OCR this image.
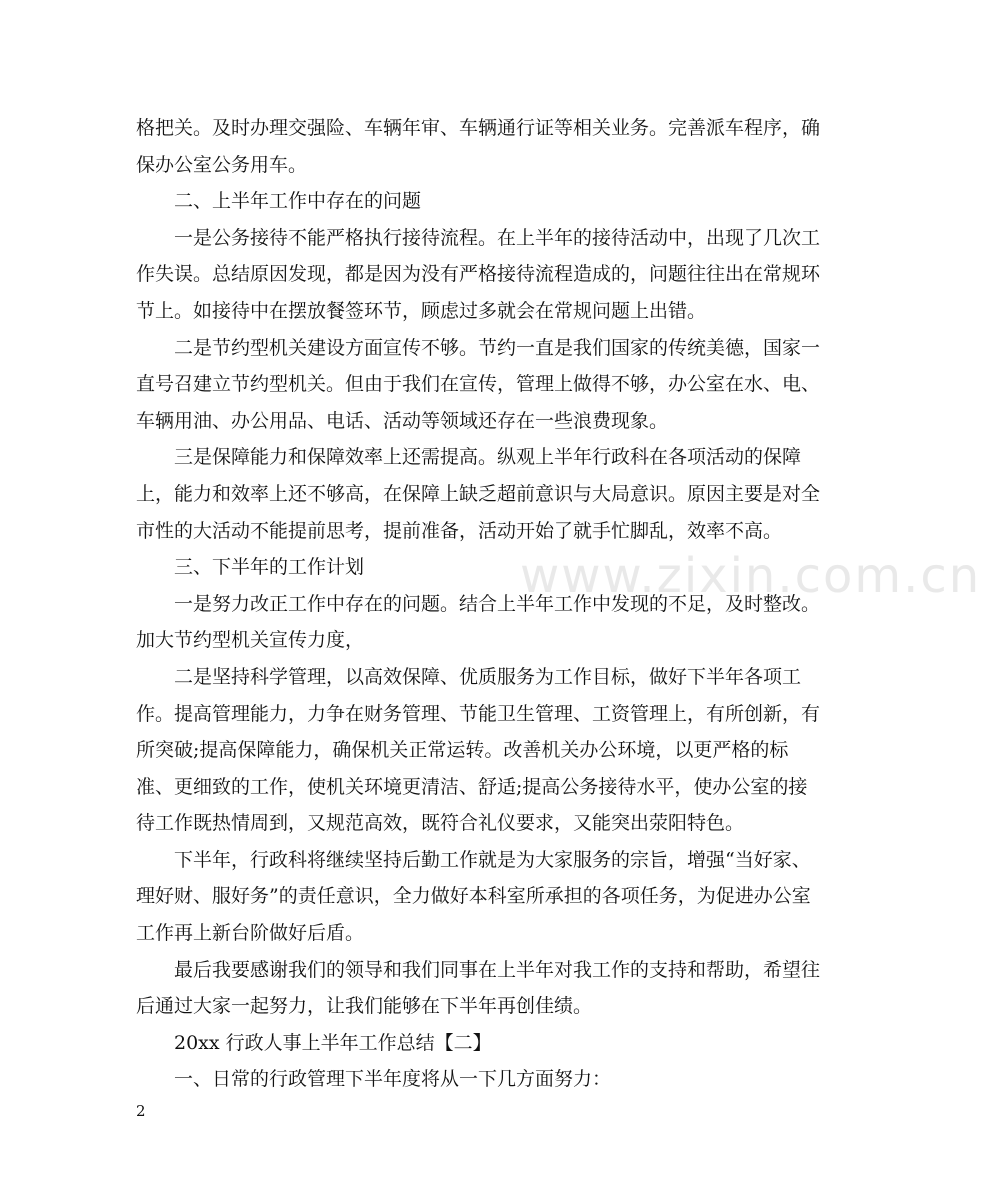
www.zixin.com.cn
格把关。及时办理交强险、车辆年审、车辆通行证等相关业务。完善派车程序，确
保办公室公务用车。
二、上半年工作中存在的问题
一是公务接待不能严格执行接待流程。在上半年的接待活动中，出现了几次工
作失误。总结原因发现，都是因为没有严格接待流程造成的，问题往往出在常规环
节上。如接待中在摆放餐签环节，顾虑过多就会在常规问题上出错。
二是节约型机关建设方面宣传不够。节约一直是我们国家的传统美德，国家一
直号召建立节约型机关。但由于我们在宣传，管理上做得不够，办公室在水、电、
车辆用油、办公用品、电话、活动等领域还存在一些浪费现象。
三是保障能力和保障效率上还需提高。纵观上半年行政科在各项活动的保障
上，能力和效率上还不够高，在保障上缺乏超前意识与大局意识。原因主要是对全
市性的大活动不能提前思考，提前准备，活动开始了就手忙脚乱，效率不高。
三、下半年的工作计划
一是努力改正工作中存在的问题。结合上半年工作中发现的不足，及时整改。
加大节约型机关宣传力度，
二是坚持科学管理，以高效保障、优质服务为工作目标，做好下半年各项工
作。提高管理能力，力争在财务管理、节能卫生管理、工资管理上，有所创新，有
所突破;提高保障能力，确保机关正常运转。改善机关办公环境，以更严格的标
准、更细致的工作，使机关环境更清洁、舒适;提高公务接待水平，使办公室的接
待工作既热情周到，又规范高效，既符合礼仪要求，又能突出荥阳特色。
下半年，行政科将继续坚持后勤工作就是为大家服务的宗旨，增强“当好家、
理好财、服好务”的责任意识，全力做好本科室所承担的各项任务，为促进办公室
工作再上新台阶做好后盾。
最后我要感谢我们的领导和我们同事在上半年对我工作的支持和帮助，希望往
后通过大家一起努力，让我们能够在下半年再创佳绩。
20xx 行政人事上半年工作总结【二】
一、日常的行政管理下半年度将从一下几方面努力：
2
